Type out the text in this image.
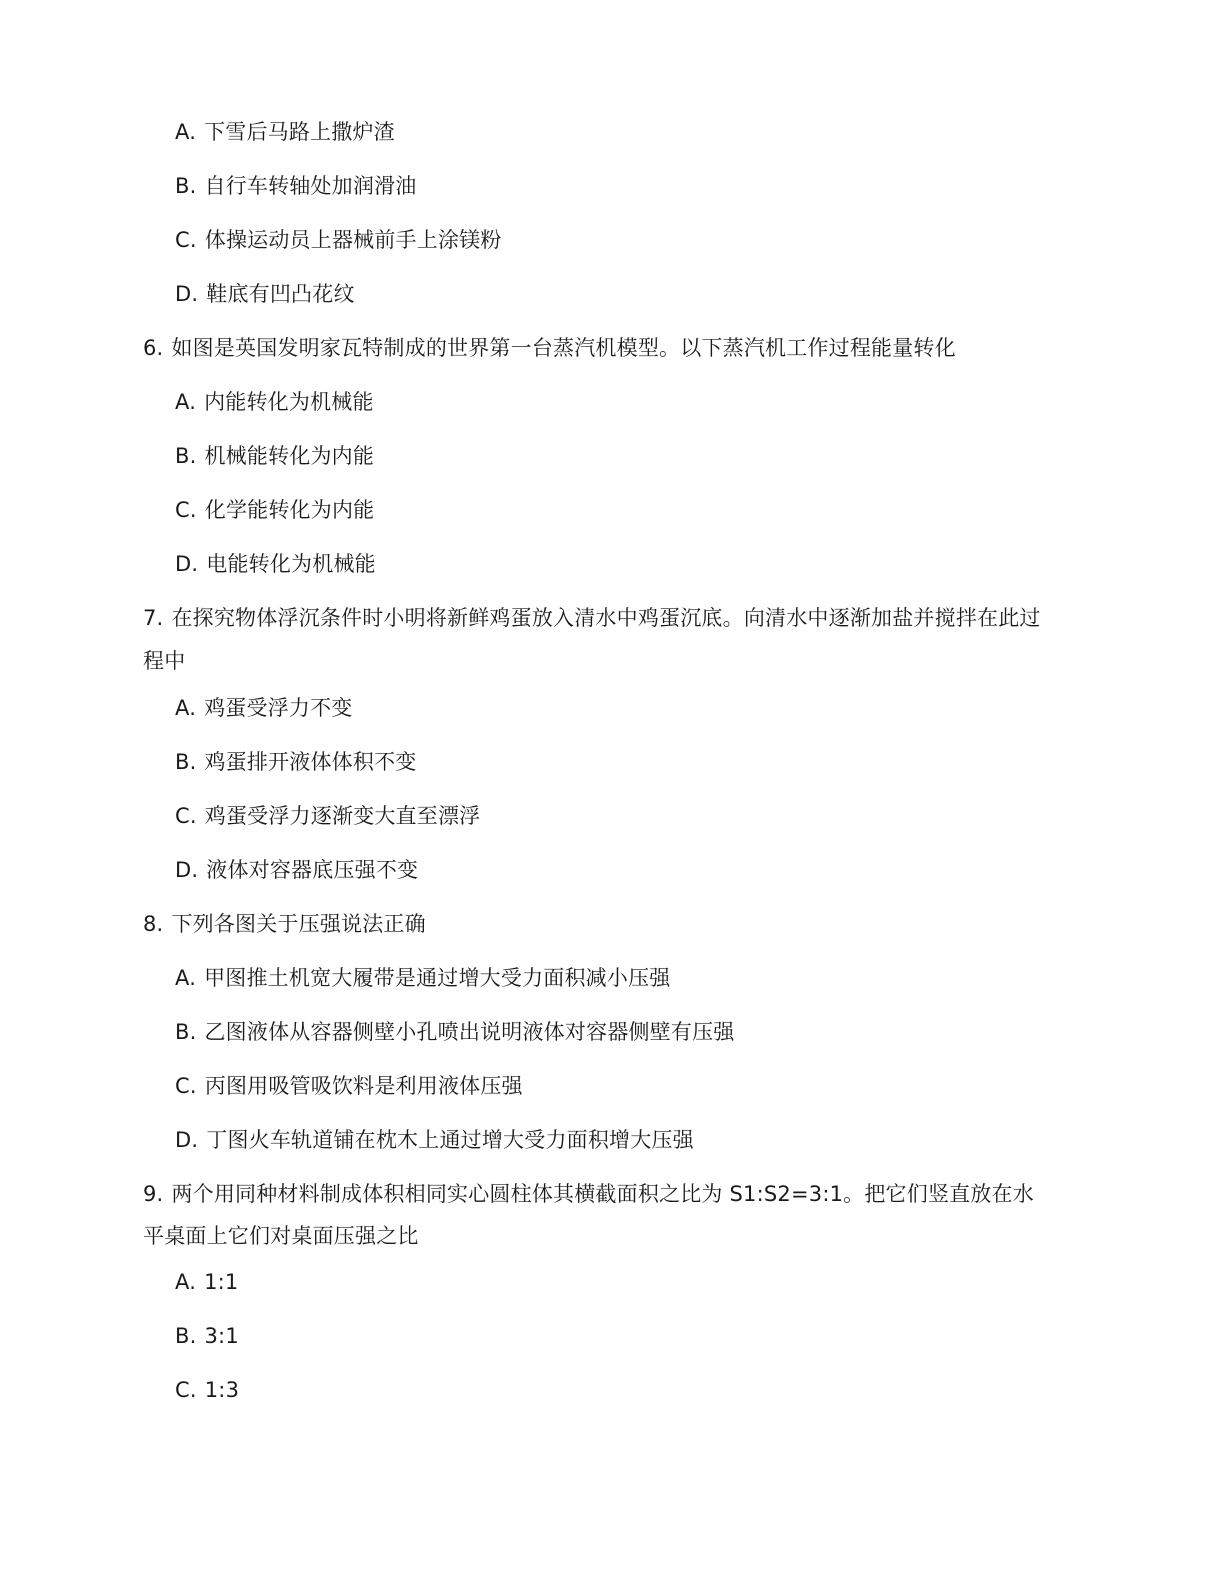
A. 下雪后马路上撒炉渣
B. 自行车转轴处加润滑油
C. 体操运动员上器械前手上涂镁粉
D. 鞋底有凹凸花纹
6. 如图是英国发明家瓦特制成的世界第一台蒸汽机模型。以下蒸汽机工作过程能量转化
A. 内能转化为机械能
B. 机械能转化为内能
C. 化学能转化为内能
D. 电能转化为机械能
7. 在探究物体浮沉条件时小明将新鲜鸡蛋放入清水中鸡蛋沉底。向清水中逐渐加盐并搅拌在此过
程中
A. 鸡蛋受浮力不变
B. 鸡蛋排开液体体积不变
C. 鸡蛋受浮力逐渐变大直至漂浮
D. 液体对容器底压强不变
8. 下列各图关于压强说法正确
A. 甲图推土机宽大履带是通过增大受力面积减小压强
B. 乙图液体从容器侧壁小孔喷出说明液体对容器侧壁有压强
C. 丙图用吸管吸饮料是利用液体压强
D. 丁图火车轨道铺在枕木上通过增大受力面积增大压强
9. 两个用同种材料制成体积相同实心圆柱体其横截面积之比为 S1:S2=3:1。把它们竖直放在水
平桌面上它们对桌面压强之比
A. 1:1
B. 3:1
C. 1:3
